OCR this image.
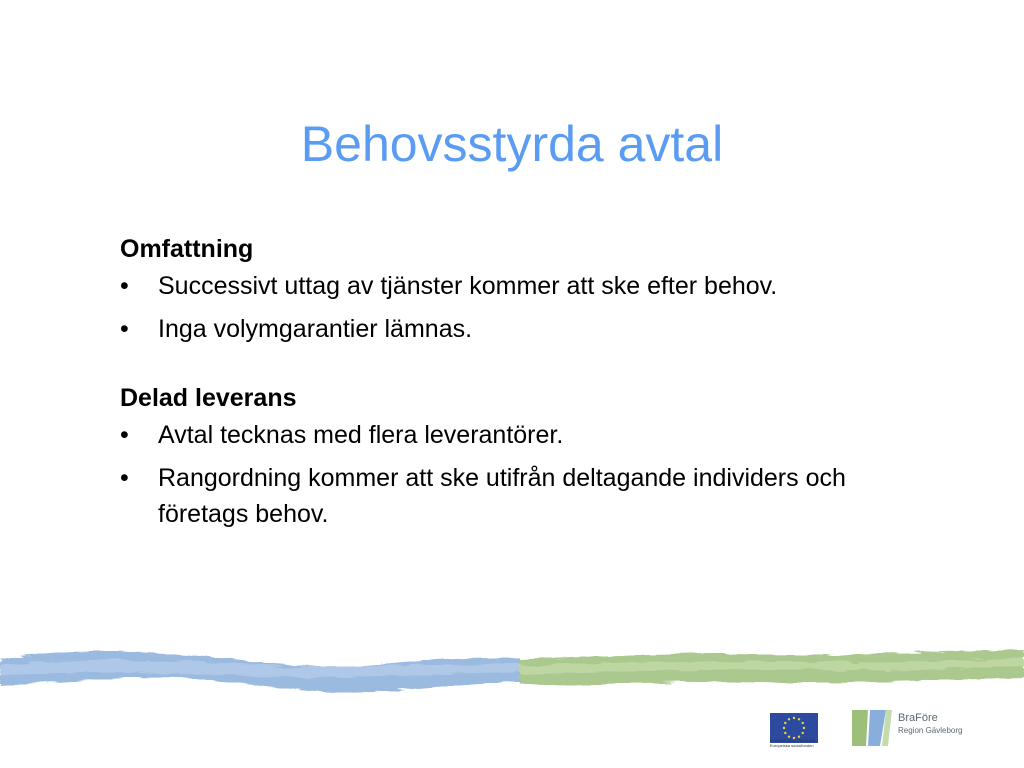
Behovsstyrda avtal

Omfattning

•	Successivt uttag av tjänster kommer att ske efter behov.
•	Inga volymgarantier lämnas.

Delad leverans

•	Avtal tecknas med flera leverantörer.
•	Rangordning kommer att ske utifrån deltagande individers och företags behov.
EUROPEISKA UNIONEN Europeiska socialfonden
BraFöre
Region Gävleborg
